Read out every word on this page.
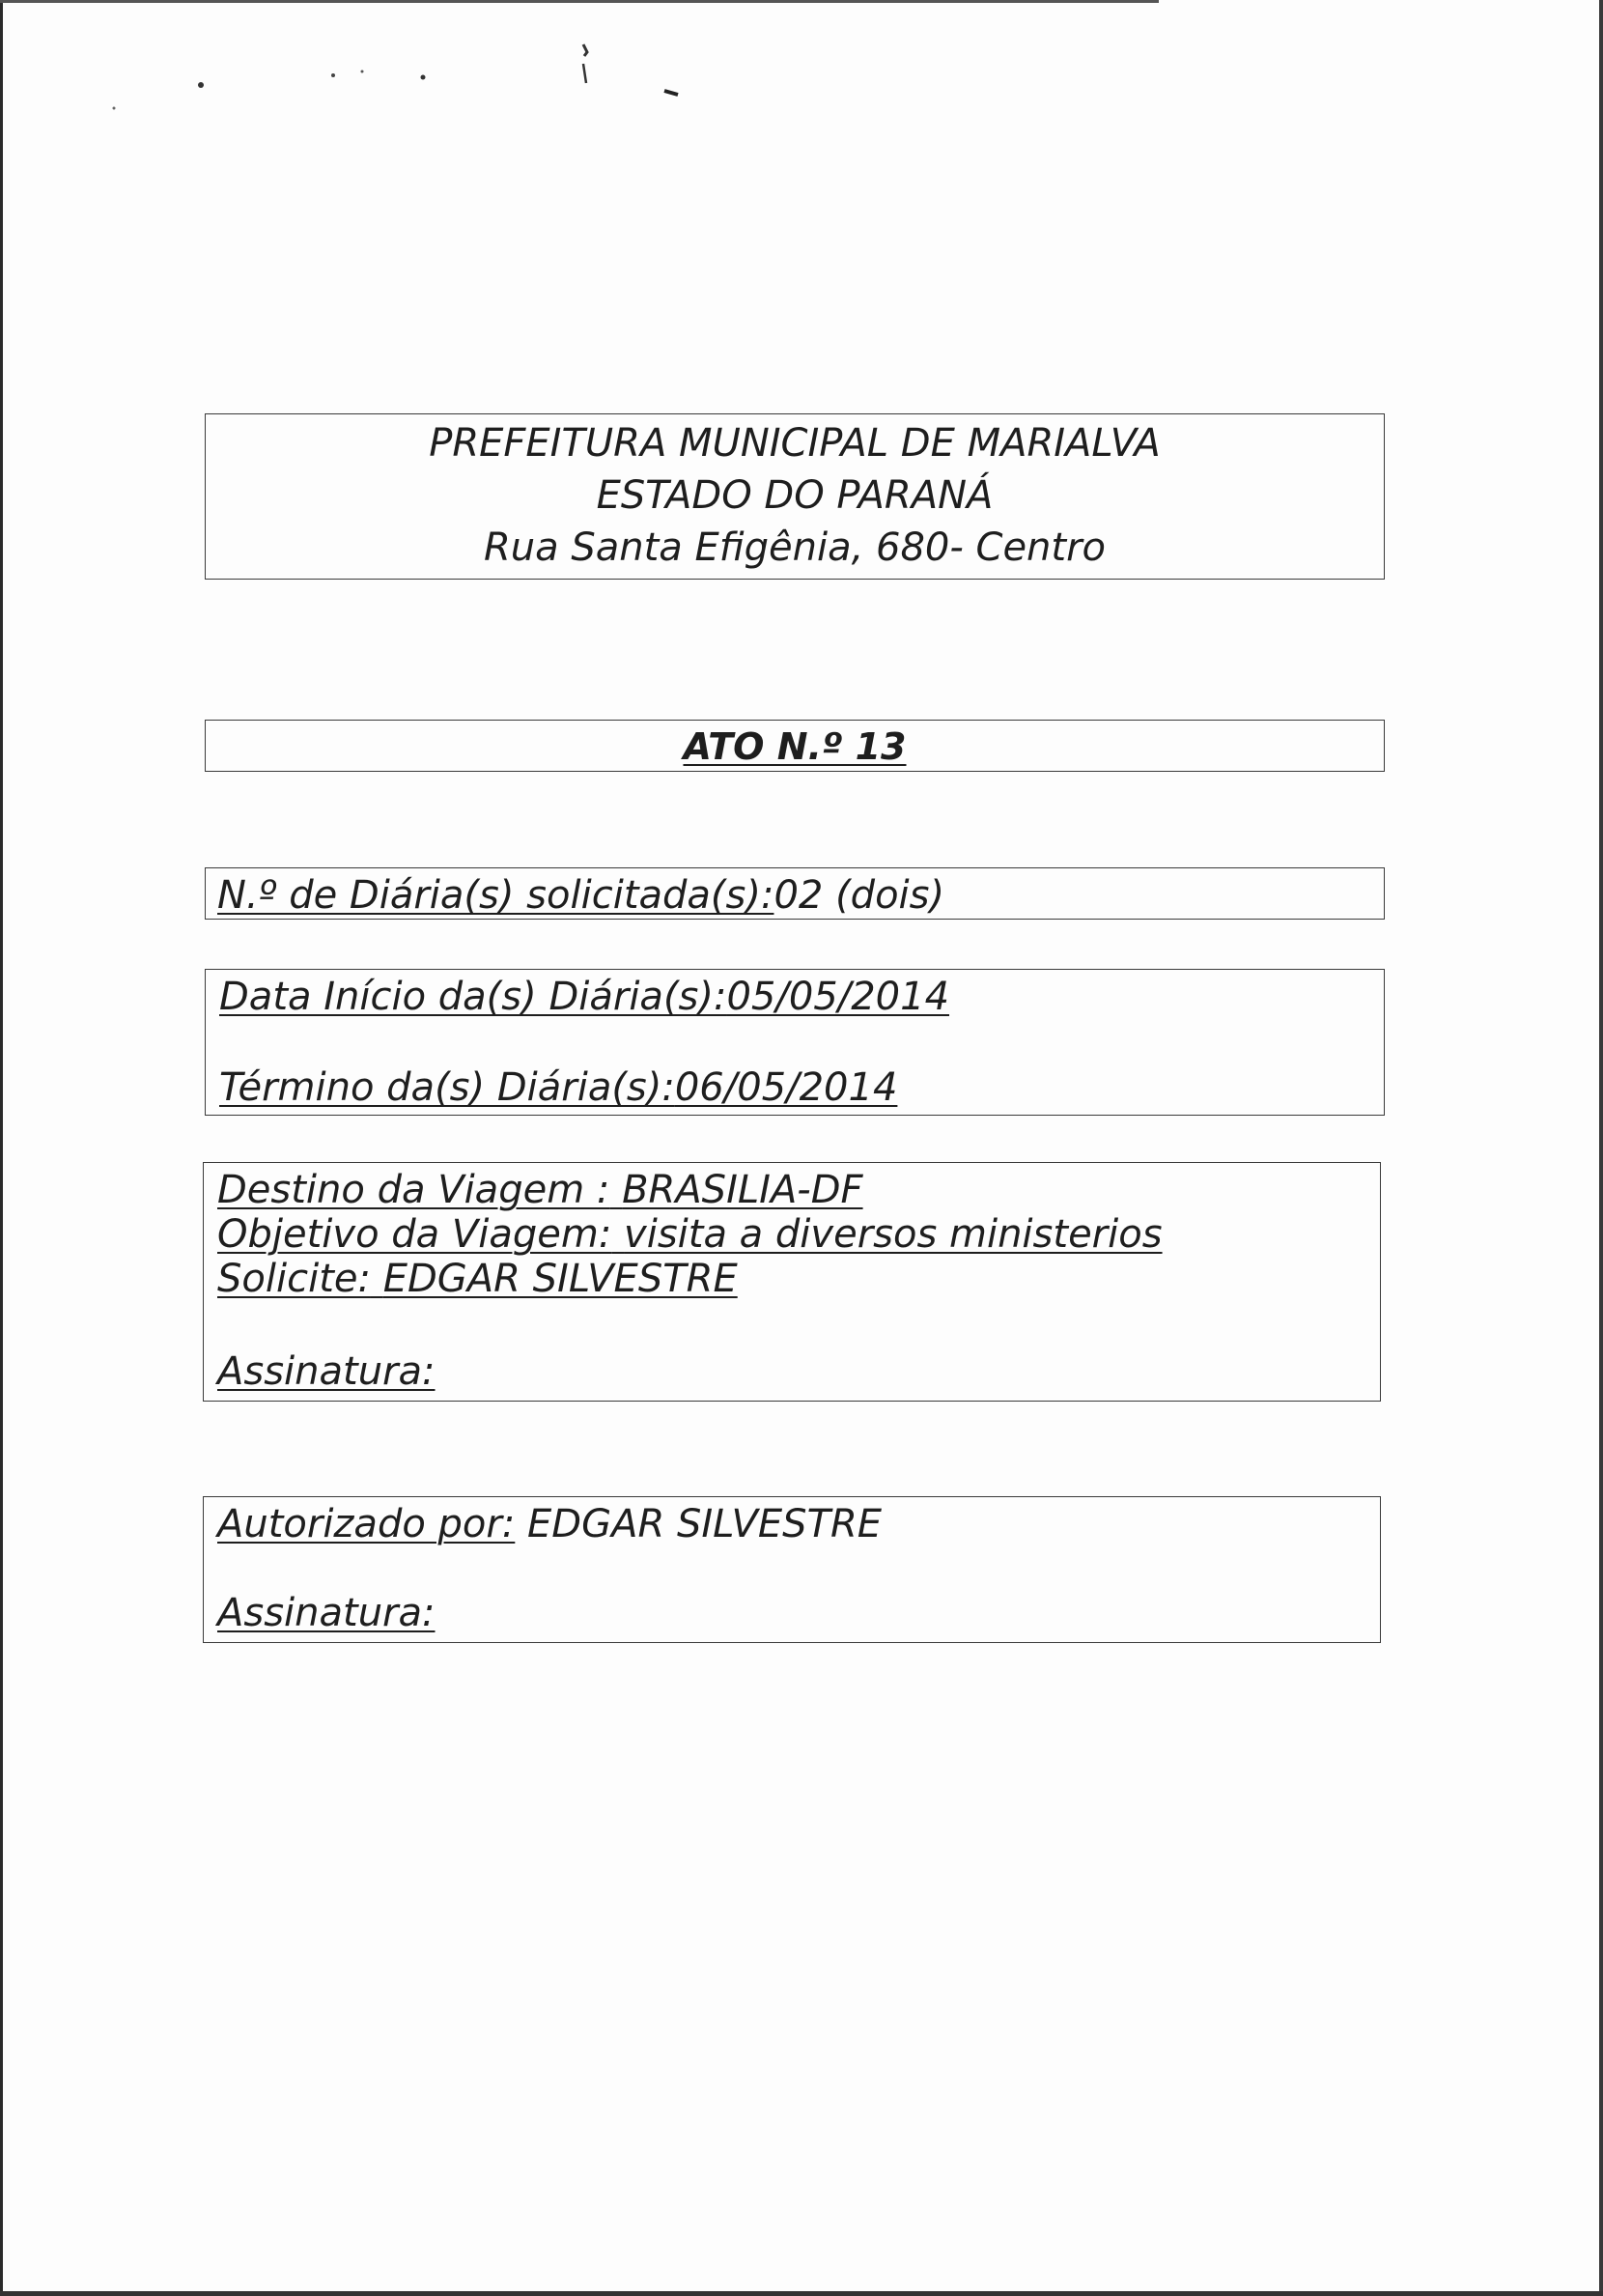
PREFEITURA MUNICIPAL DE MARIALVA
ESTADO DO PARANÁ
Rua Santa Efigênia, 680- Centro
ATO N.º 13
N.º de Diária(s) solicitada(s):02 (dois)
Data Início da(s) Diária(s):05/05/2014
Término da(s) Diária(s):06/05/2014
Destino da Viagem : BRASILIA-DF
Objetivo da Viagem: visita a diversos ministerios
Solicite: EDGAR SILVESTRE
Assinatura:
Autorizado por: EDGAR SILVESTRE
Assinatura:
